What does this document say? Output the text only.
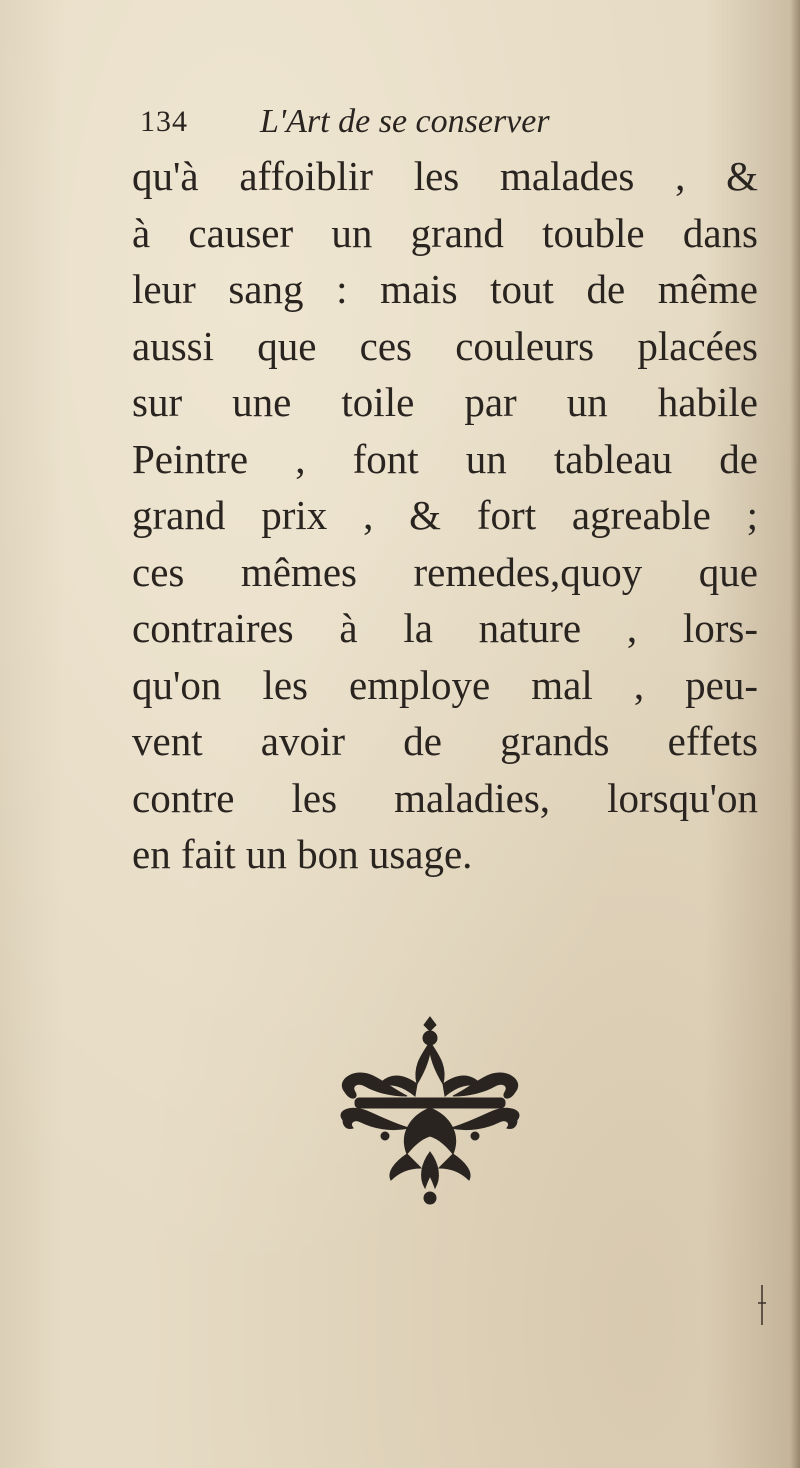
134 L'Art de se conserver
qu'à affoiblir les malades , &
à causer un grand touble dans
leur sang : mais tout de même
aussi que ces couleurs placées
sur une toile par un habile
Peintre , font un tableau de
grand prix , & fort agreable ;
ces mêmes remedes,quoy que
contraires à la nature , lors-
qu'on les employe mal , peu-
vent avoir de grands effets
contre les maladies, lorsqu'on
en fait un bon usage.
